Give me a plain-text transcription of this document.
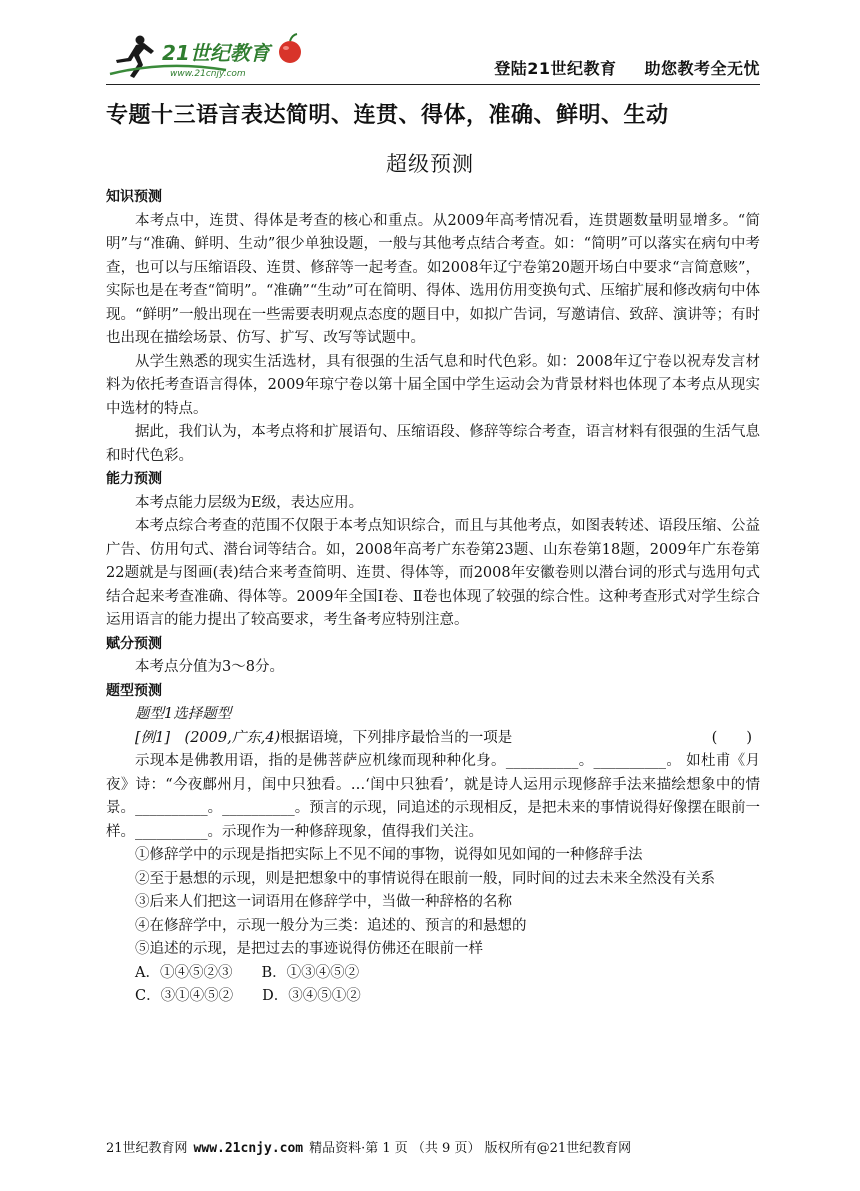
21世纪教育
www.21cnjy.com	登陆21世纪教育 助您教考全无忧
专题十三语言表达简明、连贯、得体，准确、鲜明、生动
超级预测

知识预测

本考点中，连贯、得体是考查的核心和重点。从2009年高考情况看，连贯题数量明显增多。“简明”与“准确、鲜明、生动”很少单独设题，一般与其他考点结合考查。如：“简明”可以落实在病句中考查，也可以与压缩语段、连贯、修辞等一起考查。如2008年辽宁卷第20题开场白中要求“言简意赅”，实际也是在考查“简明”。“准确”“生动”可在简明、得体、选用仿用变换句式、压缩扩展和修改病句中体现。“鲜明”一般出现在一些需要表明观点态度的题目中，如拟广告词，写邀请信、致辞、演讲等；有时也出现在描绘场景、仿写、扩写、改写等试题中。

从学生熟悉的现实生活选材，具有很强的生活气息和时代色彩。如：2008年辽宁卷以祝寿发言材料为依托考查语言得体，2009年琼宁卷以第十届全国中学生运动会为背景材料也体现了本考点从现实中选材的特点。

据此，我们认为，本考点将和扩展语句、压缩语段、修辞等综合考查，语言材料有很强的生活气息和时代色彩。

能力预测

本考点能力层级为E级，表达应用。

本考点综合考查的范围不仅限于本考点知识综合，而且与其他考点，如图表转述、语段压缩、公益广告、仿用句式、潜台词等结合。如，2008年高考广东卷第23题、山东卷第18题，2009年广东卷第22题就是与图画(表)结合来考查简明、连贯、得体等，而2008年安徽卷则以潜台词的形式与选用句式结合起来考查准确、得体等。2009年全国Ⅰ卷、Ⅱ卷也体现了较强的综合性。这种考查形式对学生综合运用语言的能力提出了较高要求，考生备考应特别注意。

赋分预测

本考点分值为3～8分。

题型预测

题型1选择题型

[例1]　 (2009,广东,4)根据语境，下列排序最恰当的一项是	(　　)

示现本是佛教用语，指的是佛菩萨应机缘而现种种化身。__________。__________。 如杜甫《月夜》诗：“今夜鄜州月，闺中只独看。…‘闺中只独看’，就是诗人运用示现修辞手法来描绘想象中的情景。__________。__________。预言的示现，同追述的示现相反，是把未来的事情说得好像摆在眼前一样。__________。示现作为一种修辞现象，值得我们关注。

①修辞学中的示现是指把实际上不见不闻的事物，说得如见如闻的一种修辞手法

②至于悬想的示现，则是把想象中的事情说得在眼前一般，同时间的过去未来全然没有关系

③后来人们把这一词语用在修辞学中，当做一种辞格的名称

④在修辞学中，示现一般分为三类：追述的、预言的和悬想的

⑤追述的示现，是把过去的事迹说得仿佛还在眼前一样

A．①④⑤②③　　B．①③④⑤②

C．③①④⑤②　　D．③④⑤①②

21世纪教育网 www.21cnjy.com 精品资料·第 1 页 （共 9 页） 版权所有@21世纪教育网
